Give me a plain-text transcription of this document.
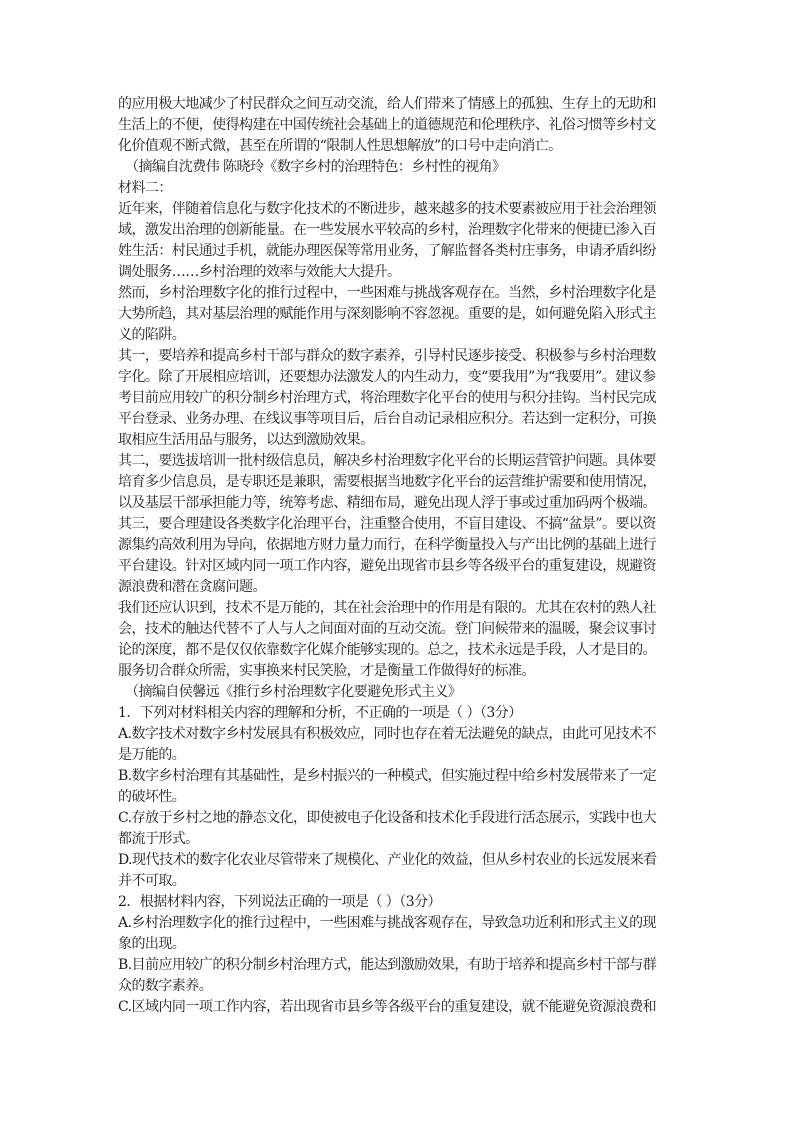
的应用极大地减少了村民群众之间互动交流，给人们带来了情感上的孤独、生存上的无助和
生活上的不便，使得构建在中国传统社会基础上的道德规范和伦理秩序、礼俗习惯等乡村文
化价值观不断式微，甚至在所谓的“限制人性思想解放”的口号中走向消亡。
（摘编自沈费伟 陈晓玲《数字乡村的治理特色：乡村性的视角》
材料二：
近年来，伴随着信息化与数字化技术的不断进步，越来越多的技术要素被应用于社会治理领
域，激发出治理的创新能量。在一些发展水平较高的乡村，治理数字化带来的便捷已渗入百
姓生活：村民通过手机，就能办理医保等常用业务，了解监督各类村庄事务，申请矛盾纠纷
调处服务……乡村治理的效率与效能大大提升。
然而，乡村治理数字化的推行过程中，一些困难与挑战客观存在。当然，乡村治理数字化是
大势所趋，其对基层治理的赋能作用与深刻影响不容忽视。重要的是，如何避免陷入形式主
义的陷阱。
其一，要培养和提高乡村干部与群众的数字素养，引导村民逐步接受、积极参与乡村治理数
字化。除了开展相应培训，还要想办法激发人的内生动力，变“要我用”为“我要用”。建议参
考目前应用较广的积分制乡村治理方式，将治理数字化平台的使用与积分挂钩。当村民完成
平台登录、业务办理、在线议事等项目后，后台自动记录相应积分。若达到一定积分，可换
取相应生活用品与服务，以达到激励效果。
其二，要选拔培训一批村级信息员，解决乡村治理数字化平台的长期运营管护问题。具体要
培育多少信息员，是专职还是兼职，需要根据当地数字化平台的运营维护需要和使用情况，
以及基层干部承担能力等，统筹考虑、精细布局，避免出现人浮于事或过重加码两个极端。
其三，要合理建设各类数字化治理平台，注重整合使用，不盲目建设、不搞“盆景”。要以资
源集约高效利用为导向，依据地方财力量力而行，在科学衡量投入与产出比例的基础上进行
平台建设。针对区域内同一项工作内容，避免出现省市县乡等各级平台的重复建设，规避资
源浪费和潜在贪腐问题。
我们还应认识到，技术不是万能的，其在社会治理中的作用是有限的。尤其在农村的熟人社
会，技术的触达代替不了人与人之间面对面的互动交流。登门问候带来的温暖，聚会议事讨
论的深度，都不是仅仅依靠数字化媒介能够实现的。总之，技术永远是手段，人才是目的。
服务切合群众所需，实事换来村民笑脸，才是衡量工作做得好的标准。
（摘编自侯馨远《推行乡村治理数字化要避免形式主义》
1．下列对材料相关内容的理解和分析，不正确的一项是（ ）（3分）
A.数字技术对数字乡村发展具有积极效应，同时也存在着无法避免的缺点，由此可见技术不
是万能的。
B.数字乡村治理有其基础性，是乡村振兴的一种模式，但实施过程中给乡村发展带来了一定
的破坏性。
C.存放于乡村之地的静态文化，即使被电子化设备和技术化手段进行活态展示，实践中也大
都流于形式。
D.现代技术的数字化农业尽管带来了规模化、产业化的效益，但从乡村农业的长远发展来看
并不可取。
2．根据材料内容，下列说法正确的一项是（ ）（3分）
A.乡村治理数字化的推行过程中，一些困难与挑战客观存在，导致急功近利和形式主义的现
象的出现。
B.目前应用较广的积分制乡村治理方式，能达到激励效果，有助于培养和提高乡村干部与群
众的数字素养。
C.区域内同一项工作内容，若出现省市县乡等各级平台的重复建设，就不能避免资源浪费和
